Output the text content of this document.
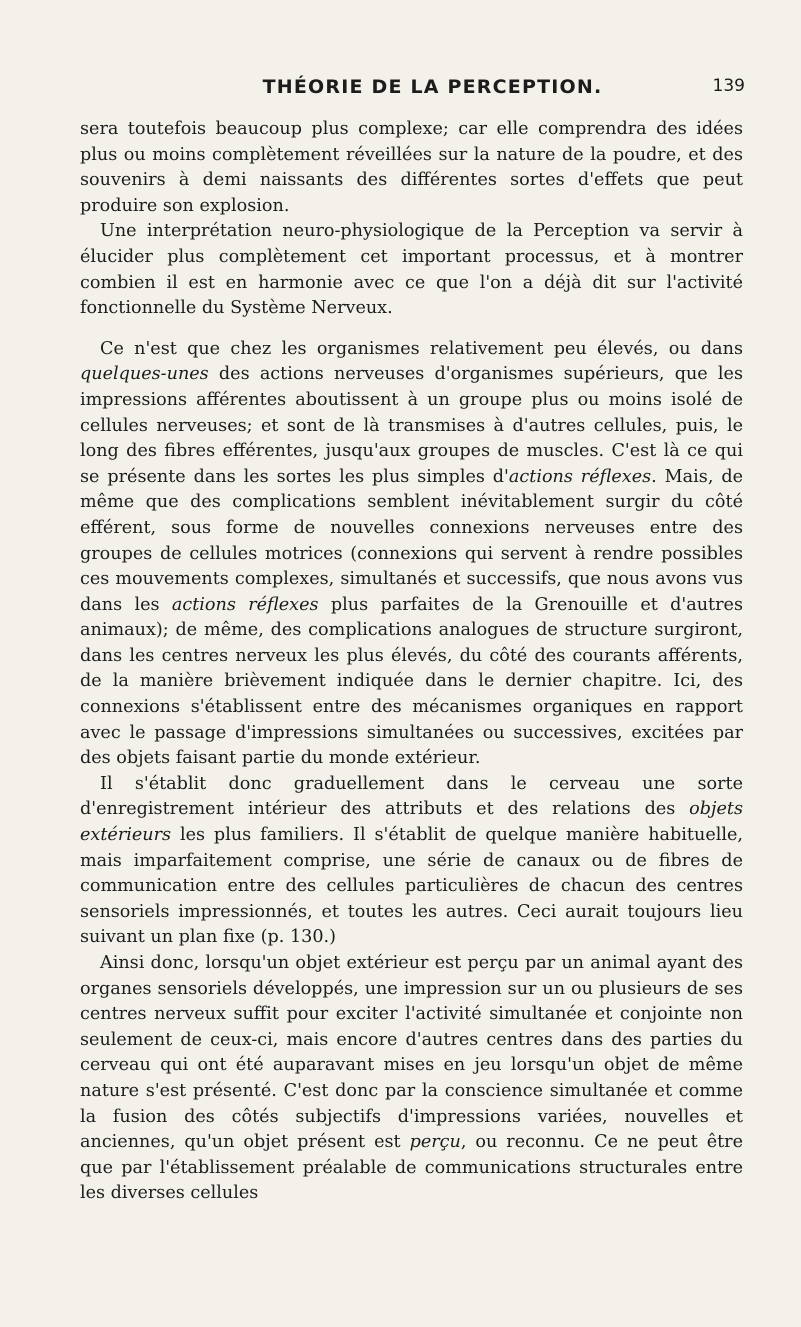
THÉORIE DE LA PERCEPTION.	139

sera toutefois beaucoup plus complexe; car elle comprendra des idées plus ou moins complètement réveillées sur la nature de la poudre, et des souvenirs à demi naissants des différentes sortes d'effets que peut produire son explosion.

Une interprétation neuro-physiologique de la Perception va servir à élucider plus complètement cet important processus, et à montrer combien il est en harmonie avec ce que l'on a déjà dit sur l'activité fonctionnelle du Système Nerveux.

Ce n'est que chez les organismes relativement peu élevés, ou dans quelques-unes des actions nerveuses d'organismes supérieurs, que les impressions afférentes aboutissent à un groupe plus ou moins isolé de cellules nerveuses; et sont de là transmises à d'autres cellules, puis, le long des fibres efférentes, jusqu'aux groupes de muscles. C'est là ce qui se présente dans les sortes les plus simples d'actions réflexes. Mais, de même que des complications semblent inévitablement surgir du côté efférent, sous forme de nouvelles connexions nerveuses entre des groupes de cellules motrices (connexions qui servent à rendre possibles ces mouvements complexes, simultanés et successifs, que nous avons vus dans les actions réflexes plus parfaites de la Grenouille et d'autres animaux); de même, des complications analogues de structure surgiront, dans les centres nerveux les plus élevés, du côté des courants afférents, de la manière brièvement indiquée dans le dernier chapitre. Ici, des connexions s'établissent entre des mécanismes organiques en rapport avec le passage d'impressions simultanées ou successives, excitées par des objets faisant partie du monde extérieur.

Il s'établit donc graduellement dans le cerveau une sorte d'enregistrement intérieur des attributs et des relations des objets extérieurs les plus familiers. Il s'établit de quelque manière habituelle, mais imparfaitement comprise, une série de canaux ou de fibres de communication entre des cellules particulières de chacun des centres sensoriels impressionnés, et toutes les autres. Ceci aurait toujours lieu suivant un plan fixe (p. 130.)

Ainsi donc, lorsqu'un objet extérieur est perçu par un animal ayant des organes sensoriels développés, une impression sur un ou plusieurs de ses centres nerveux suffit pour exciter l'activité simultanée et conjointe non seulement de ceux-ci, mais encore d'autres centres dans des parties du cerveau qui ont été auparavant mises en jeu lorsqu'un objet de même nature s'est présenté. C'est donc par la conscience simultanée et comme la fusion des côtés subjectifs d'impressions variées, nouvelles et anciennes, qu'un objet présent est perçu, ou reconnu. Ce ne peut être que par l'établissement préalable de communications structurales entre les diverses cellules
